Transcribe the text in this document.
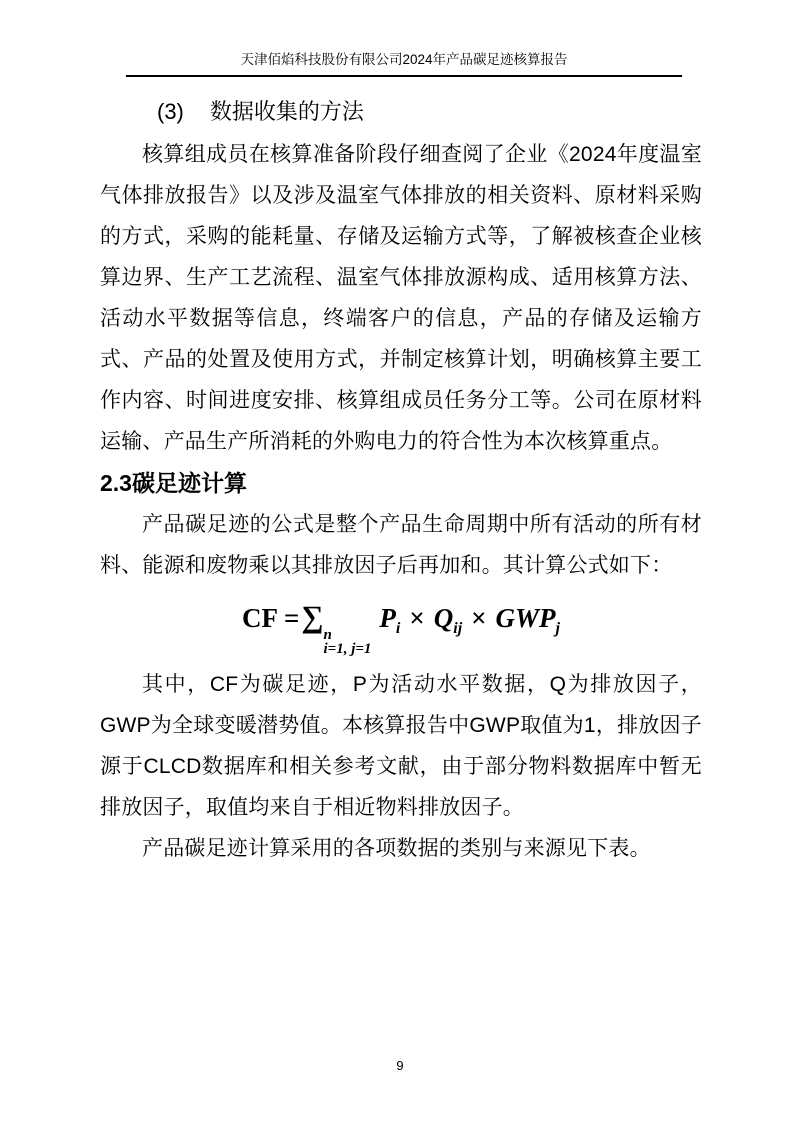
天津佰焰科技股份有限公司2024年产品碳足迹核算报告
(3) 数据收集的方法

核算组成员在核算准备阶段仔细查阅了企业《2024年度温室气体排放报告》以及涉及温室气体排放的相关资料、原材料采购的方式，采购的能耗量、存储及运输方式等，了解被核查企业核算边界、生产工艺流程、温室气体排放源构成、适用核算方法、活动水平数据等信息，终端客户的信息，产品的存储及运输方式、产品的处置及使用方式，并制定核算计划，明确核算主要工作内容、时间进度安排、核算组成员任务分工等。公司在原材料运输、产品生产所消耗的外购电力的符合性为本次核算重点。

2.3碳足迹计算

产品碳足迹的公式是整个产品生命周期中所有活动的所有材料、能源和废物乘以其排放因子后再加和。其计算公式如下：

CF =∑
n
i=1, j=1
$P_i \times Q_{ij} \times GWP_j$

其中，CF为碳足迹，P为活动水平数据，Q为排放因子，GWP为全球变暖潜势值。本核算报告中GWP取值为1，排放因子源于CLCD数据库和相关参考文献，由于部分物料数据库中暂无排放因子，取值均来自于相近物料排放因子。

产品碳足迹计算采用的各项数据的类别与来源见下表。

9
